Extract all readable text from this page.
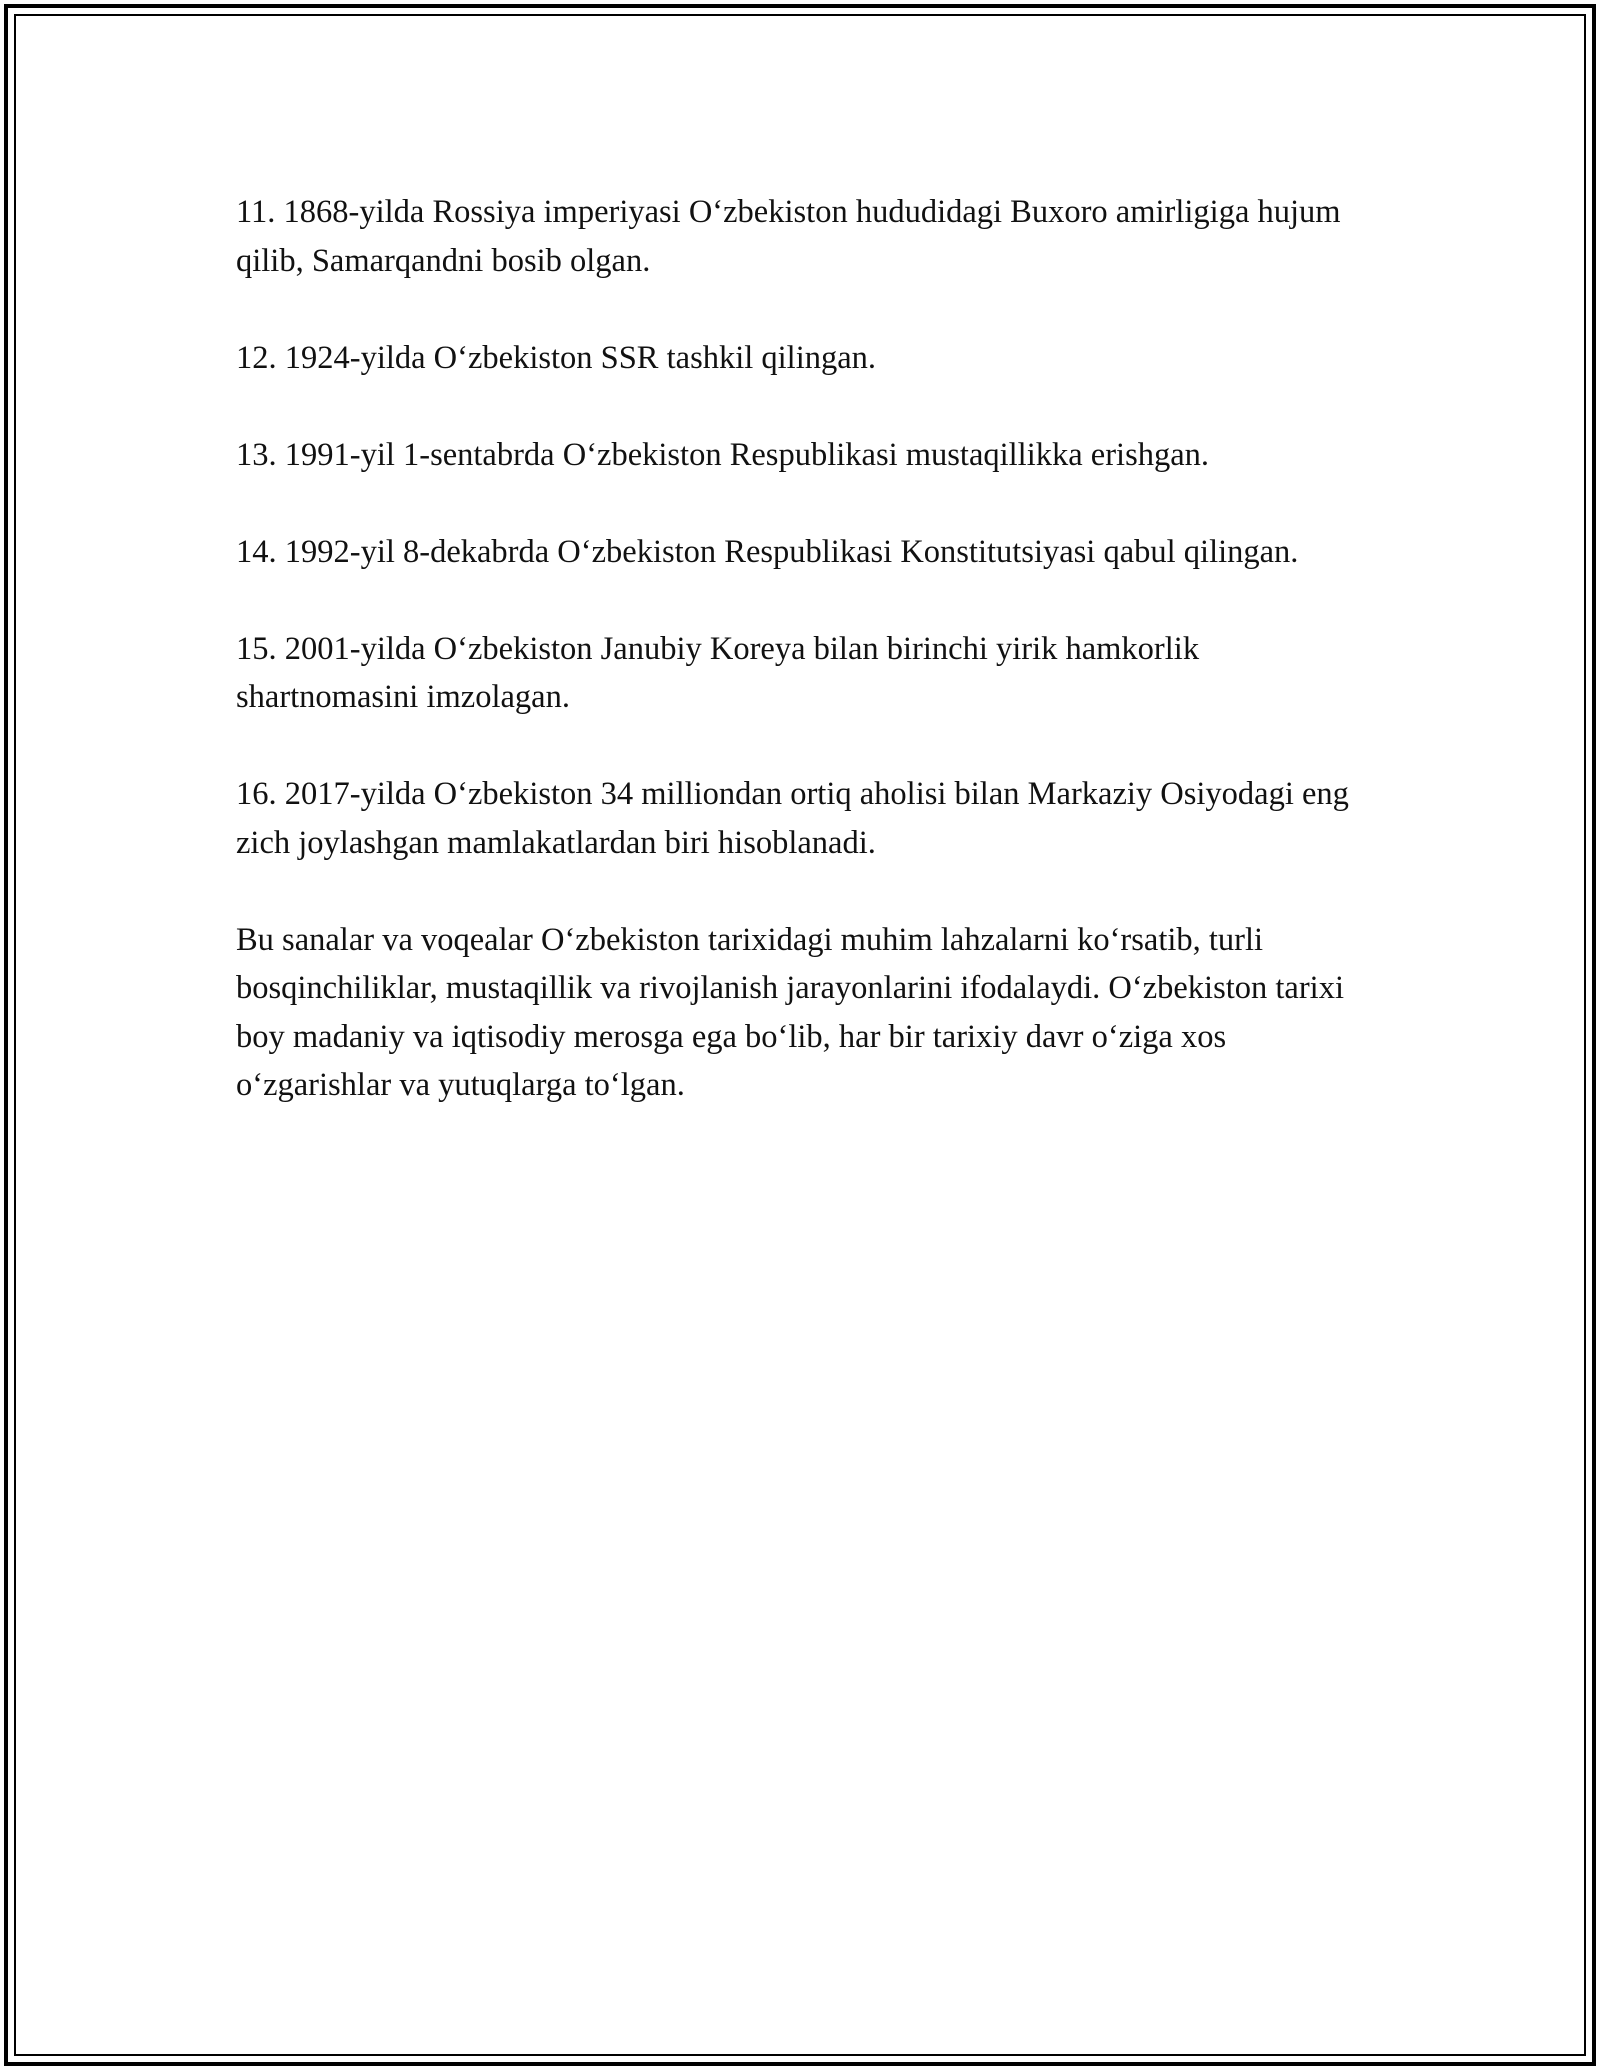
11. 1868-yilda Rossiya imperiyasi O‘zbekiston hududidagi Buxoro amirligiga hujum qilib, Samarqandni bosib olgan.

12. 1924-yilda O‘zbekiston SSR tashkil qilingan.

13. 1991-yil 1-sentabrda O‘zbekiston Respublikasi mustaqillikka erishgan.

14. 1992-yil 8-dekabrda O‘zbekiston Respublikasi Konstitutsiyasi qabul qilingan.

15. 2001-yilda O‘zbekiston Janubiy Koreya bilan birinchi yirik hamkorlik shartnomasini imzolagan.

16. 2017-yilda O‘zbekiston 34 milliondan ortiq aholisi bilan Markaziy Osiyodagi eng zich joylashgan mamlakatlardan biri hisoblanadi.

Bu sanalar va voqealar O‘zbekiston tarixidagi muhim lahzalarni ko‘rsatib, turli bosqinchiliklar, mustaqillik va rivojlanish jarayonlarini ifodalaydi. O‘zbekiston tarixi boy madaniy va iqtisodiy merosga ega bo‘lib, har bir tarixiy davr o‘ziga xos o‘zgarishlar va yutuqlarga to‘lgan.
